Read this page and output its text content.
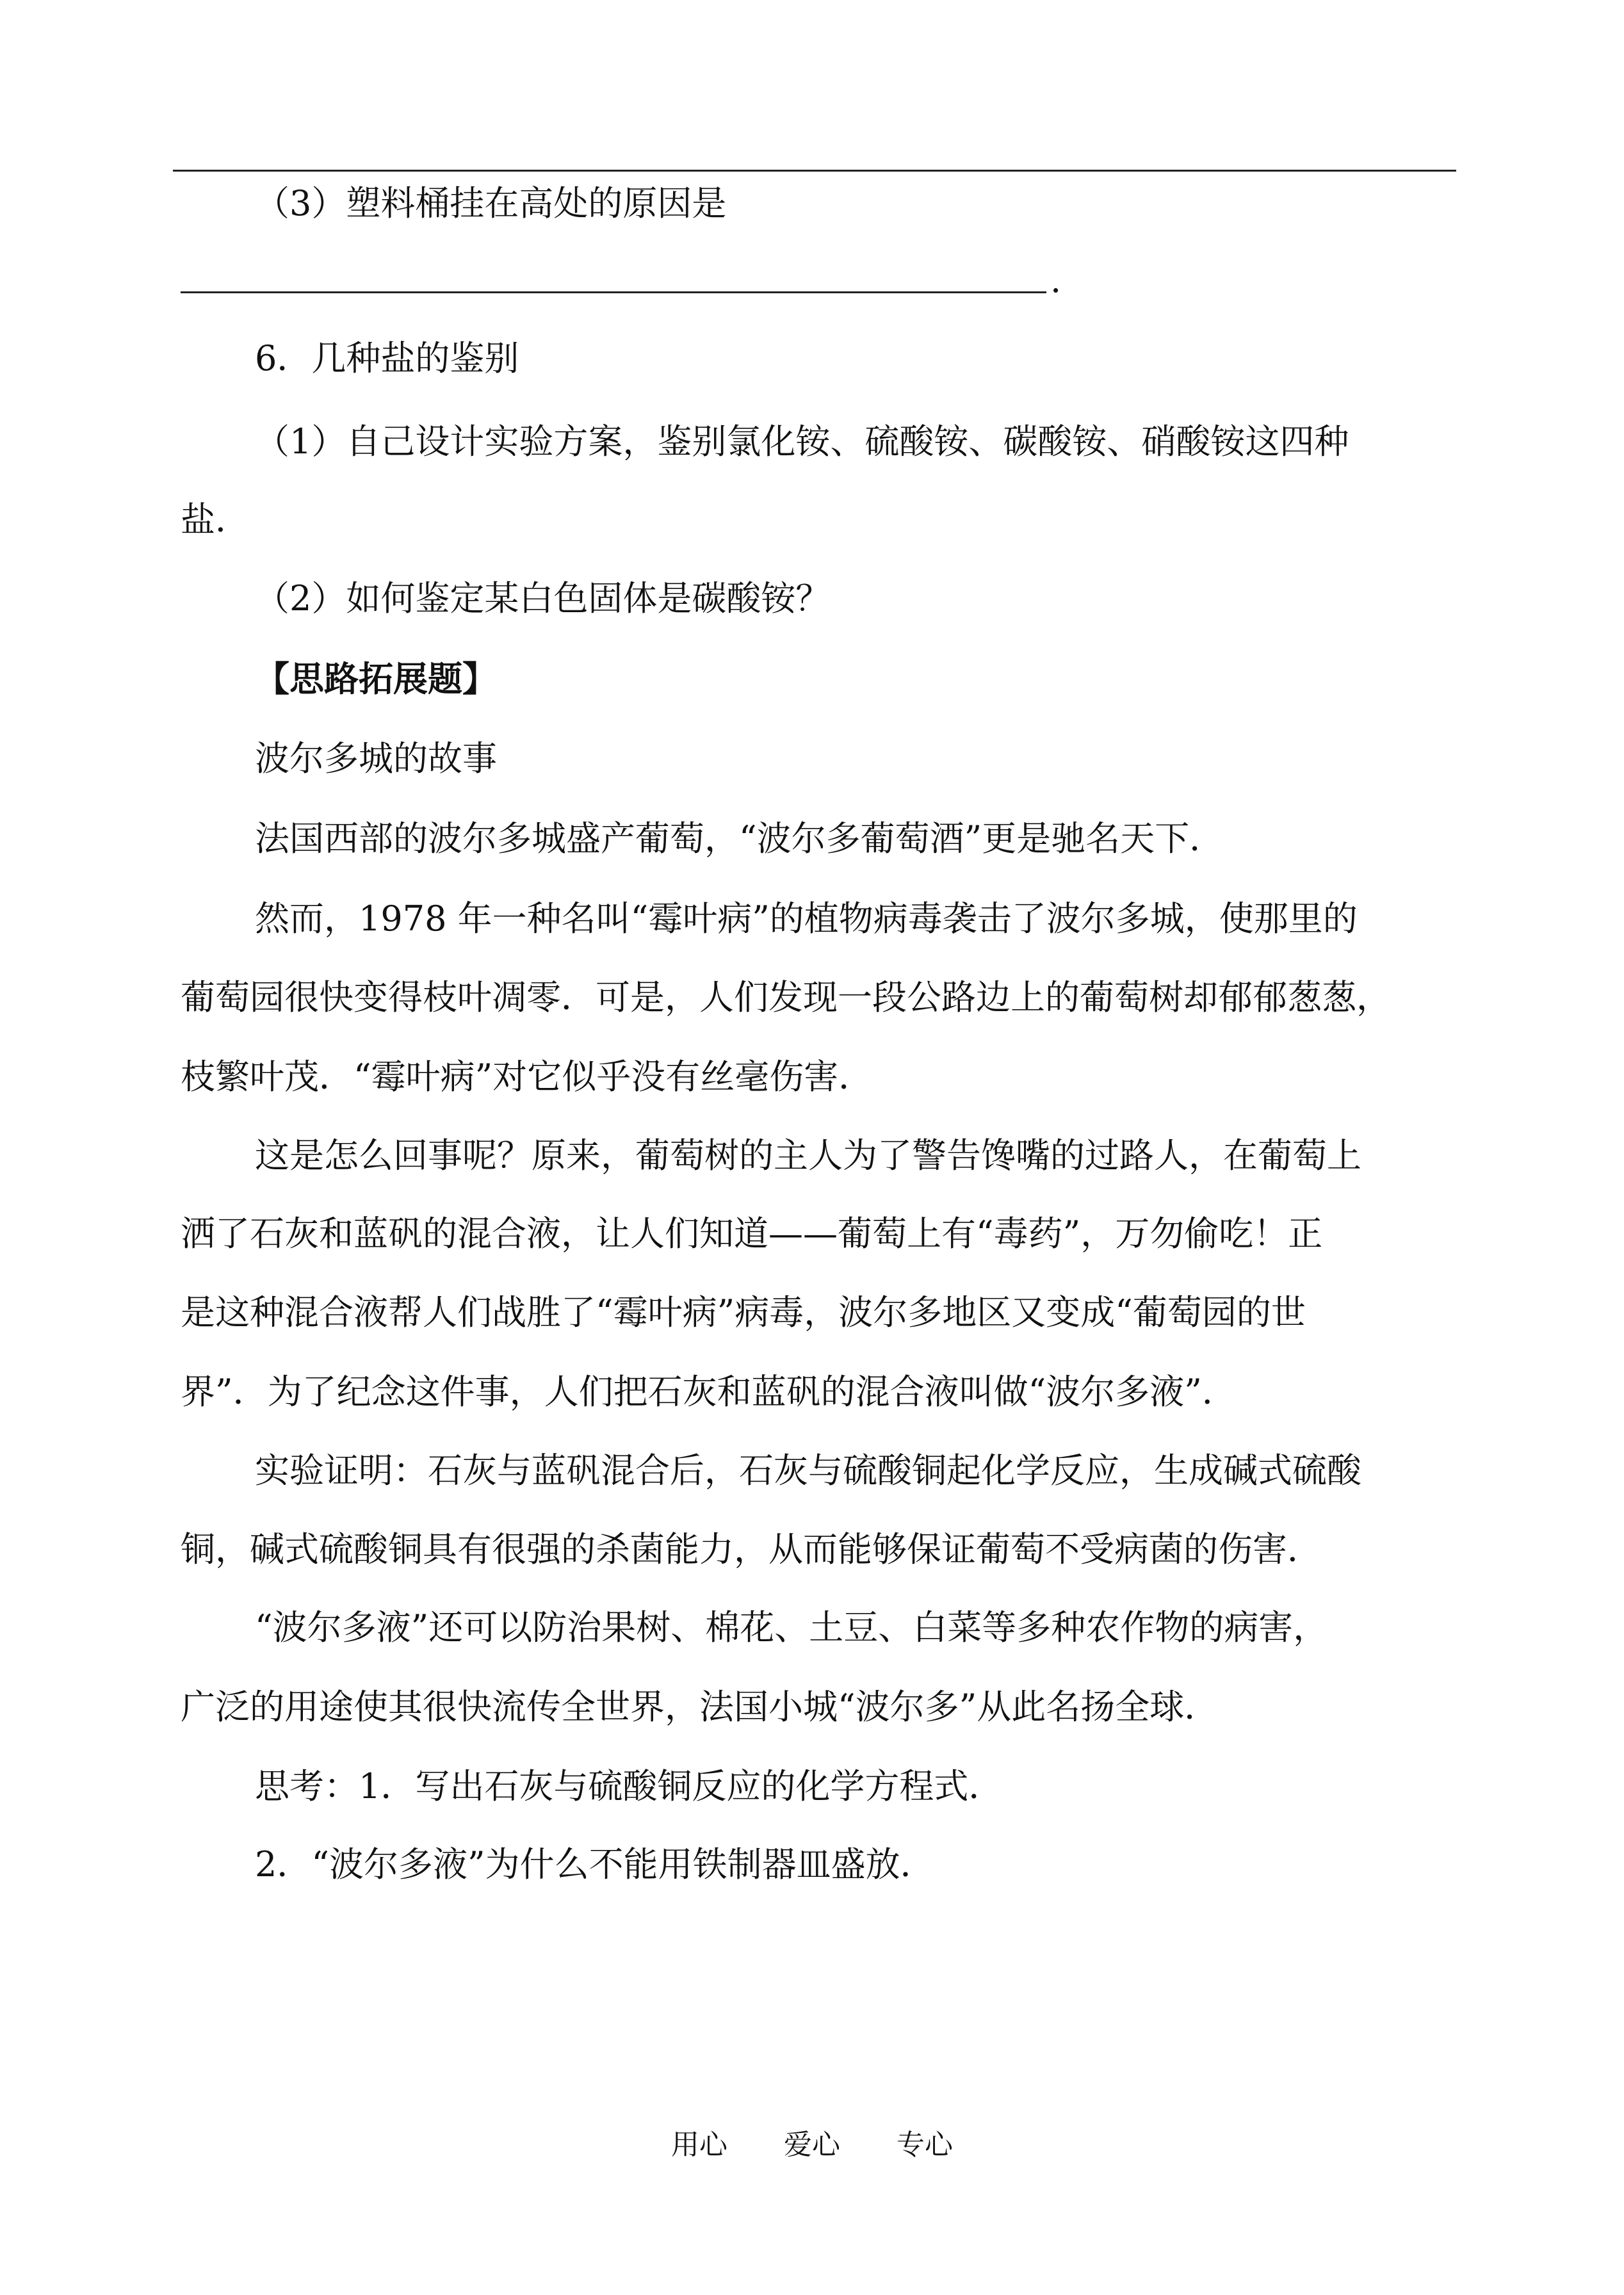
（3）塑料桶挂在高处的原因是
.
6．几种盐的鉴别
（1）自己设计实验方案，鉴别氯化铵、硫酸铵、碳酸铵、硝酸铵这四种
盐．
（2）如何鉴定某白色固体是碳酸铵？
【思路拓展题】
波尔多城的故事
法国西部的波尔多城盛产葡萄，“波尔多葡萄酒”更是驰名天下．
然而，1978 年一种名叫“霉叶病”的植物病毒袭击了波尔多城，使那里的
葡萄园很快变得枝叶凋零．可是，人们发现一段公路边上的葡萄树却郁郁葱葱，
枝繁叶茂．“霉叶病”对它似乎没有丝毫伤害．
这是怎么回事呢？原来，葡萄树的主人为了警告馋嘴的过路人，在葡萄上
洒了石灰和蓝矾的混合液，让人们知道——葡萄上有“毒药”，万勿偷吃！正
是这种混合液帮人们战胜了“霉叶病”病毒，波尔多地区又变成“葡萄园的世
界”．为了纪念这件事，人们把石灰和蓝矾的混合液叫做“波尔多液”．
实验证明：石灰与蓝矾混合后，石灰与硫酸铜起化学反应，生成碱式硫酸
铜，碱式硫酸铜具有很强的杀菌能力，从而能够保证葡萄不受病菌的伤害．
“波尔多液”还可以防治果树、棉花、土豆、白菜等多种农作物的病害，
广泛的用途使其很快流传全世界，法国小城“波尔多”从此名扬全球．
思考：1．写出石灰与硫酸铜反应的化学方程式．
2．“波尔多液”为什么不能用铁制器皿盛放．
用心　　爱心　　专心
